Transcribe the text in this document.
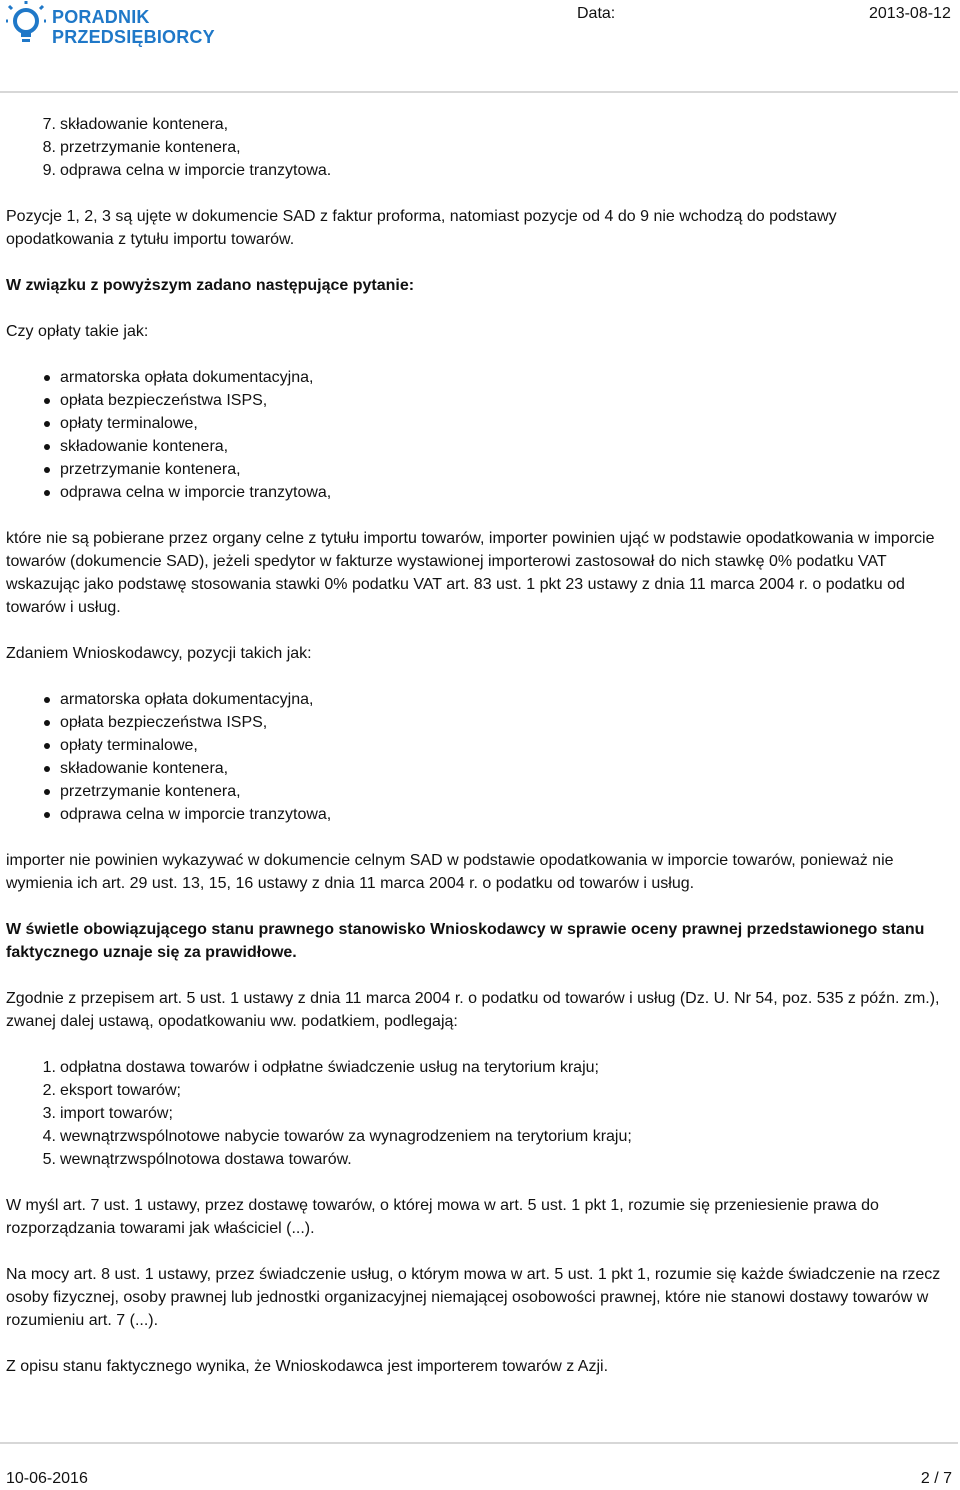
PORADNIK
PRZEDSIĘBIORCY
Data:	2013-08-12
7. składowanie kontenera,
8. przetrzymanie kontenera,
9. odprawa celna w imporcie tranzytowa.

Pozycje 1, 2, 3 są ujęte w dokumencie SAD z faktur proforma, natomiast pozycje od 4 do 9 nie wchodzą do podstawy opodatkowania z tytułu importu towarów.

W związku z powyższym zadano następujące pytanie:

Czy opłaty takie jak:

armatorska opłata dokumentacyjna,
opłata bezpieczeństwa ISPS,
opłaty terminalowe,
składowanie kontenera,
przetrzymanie kontenera,
odprawa celna w imporcie tranzytowa,

które nie są pobierane przez organy celne z tytułu importu towarów, importer powinien ująć w podstawie opodatkowania w imporcie towarów (dokumencie SAD), jeżeli spedytor w fakturze wystawionej importerowi zastosował do nich stawkę 0% podatku VAT wskazując jako podstawę stosowania stawki 0% podatku VAT art. 83 ust. 1 pkt 23 ustawy z dnia 11 marca 2004 r. o podatku od towarów i usług.

Zdaniem Wnioskodawcy, pozycji takich jak:

armatorska opłata dokumentacyjna,
opłata bezpieczeństwa ISPS,
opłaty terminalowe,
składowanie kontenera,
przetrzymanie kontenera,
odprawa celna w imporcie tranzytowa,

importer nie powinien wykazywać w dokumencie celnym SAD w podstawie opodatkowania w imporcie towarów, ponieważ nie wymienia ich art. 29 ust. 13, 15, 16 ustawy z dnia 11 marca 2004 r. o podatku od towarów i usług.

W świetle obowiązującego stanu prawnego stanowisko Wnioskodawcy w sprawie oceny prawnej przedstawionego stanu faktycznego uznaje się za prawidłowe.

Zgodnie z przepisem art. 5 ust. 1 ustawy z dnia 11 marca 2004 r. o podatku od towarów i usług (Dz. U. Nr 54, poz. 535 z późn. zm.), zwanej dalej ustawą, opodatkowaniu ww. podatkiem, podlegają:

1. odpłatna dostawa towarów i odpłatne świadczenie usług na terytorium kraju;
2. eksport towarów;
3. import towarów;
4. wewnątrzwspólnotowe nabycie towarów za wynagrodzeniem na terytorium kraju;
5. wewnątrzwspólnotowa dostawa towarów.

W myśl art. 7 ust. 1 ustawy, przez dostawę towarów, o której mowa w art. 5 ust. 1 pkt 1, rozumie się przeniesienie prawa do rozporządzania towarami jak właściciel (...).

Na mocy art. 8 ust. 1 ustawy, przez świadczenie usług, o którym mowa w art. 5 ust. 1 pkt 1, rozumie się każde świadczenie na rzecz osoby fizycznej, osoby prawnej lub jednostki organizacyjnej niemającej osobowości prawnej, które nie stanowi dostawy towarów w rozumieniu art. 7 (...).

Z opisu stanu faktycznego wynika, że Wnioskodawca jest importerem towarów z Azji.

10-06-2016	2 / 7
